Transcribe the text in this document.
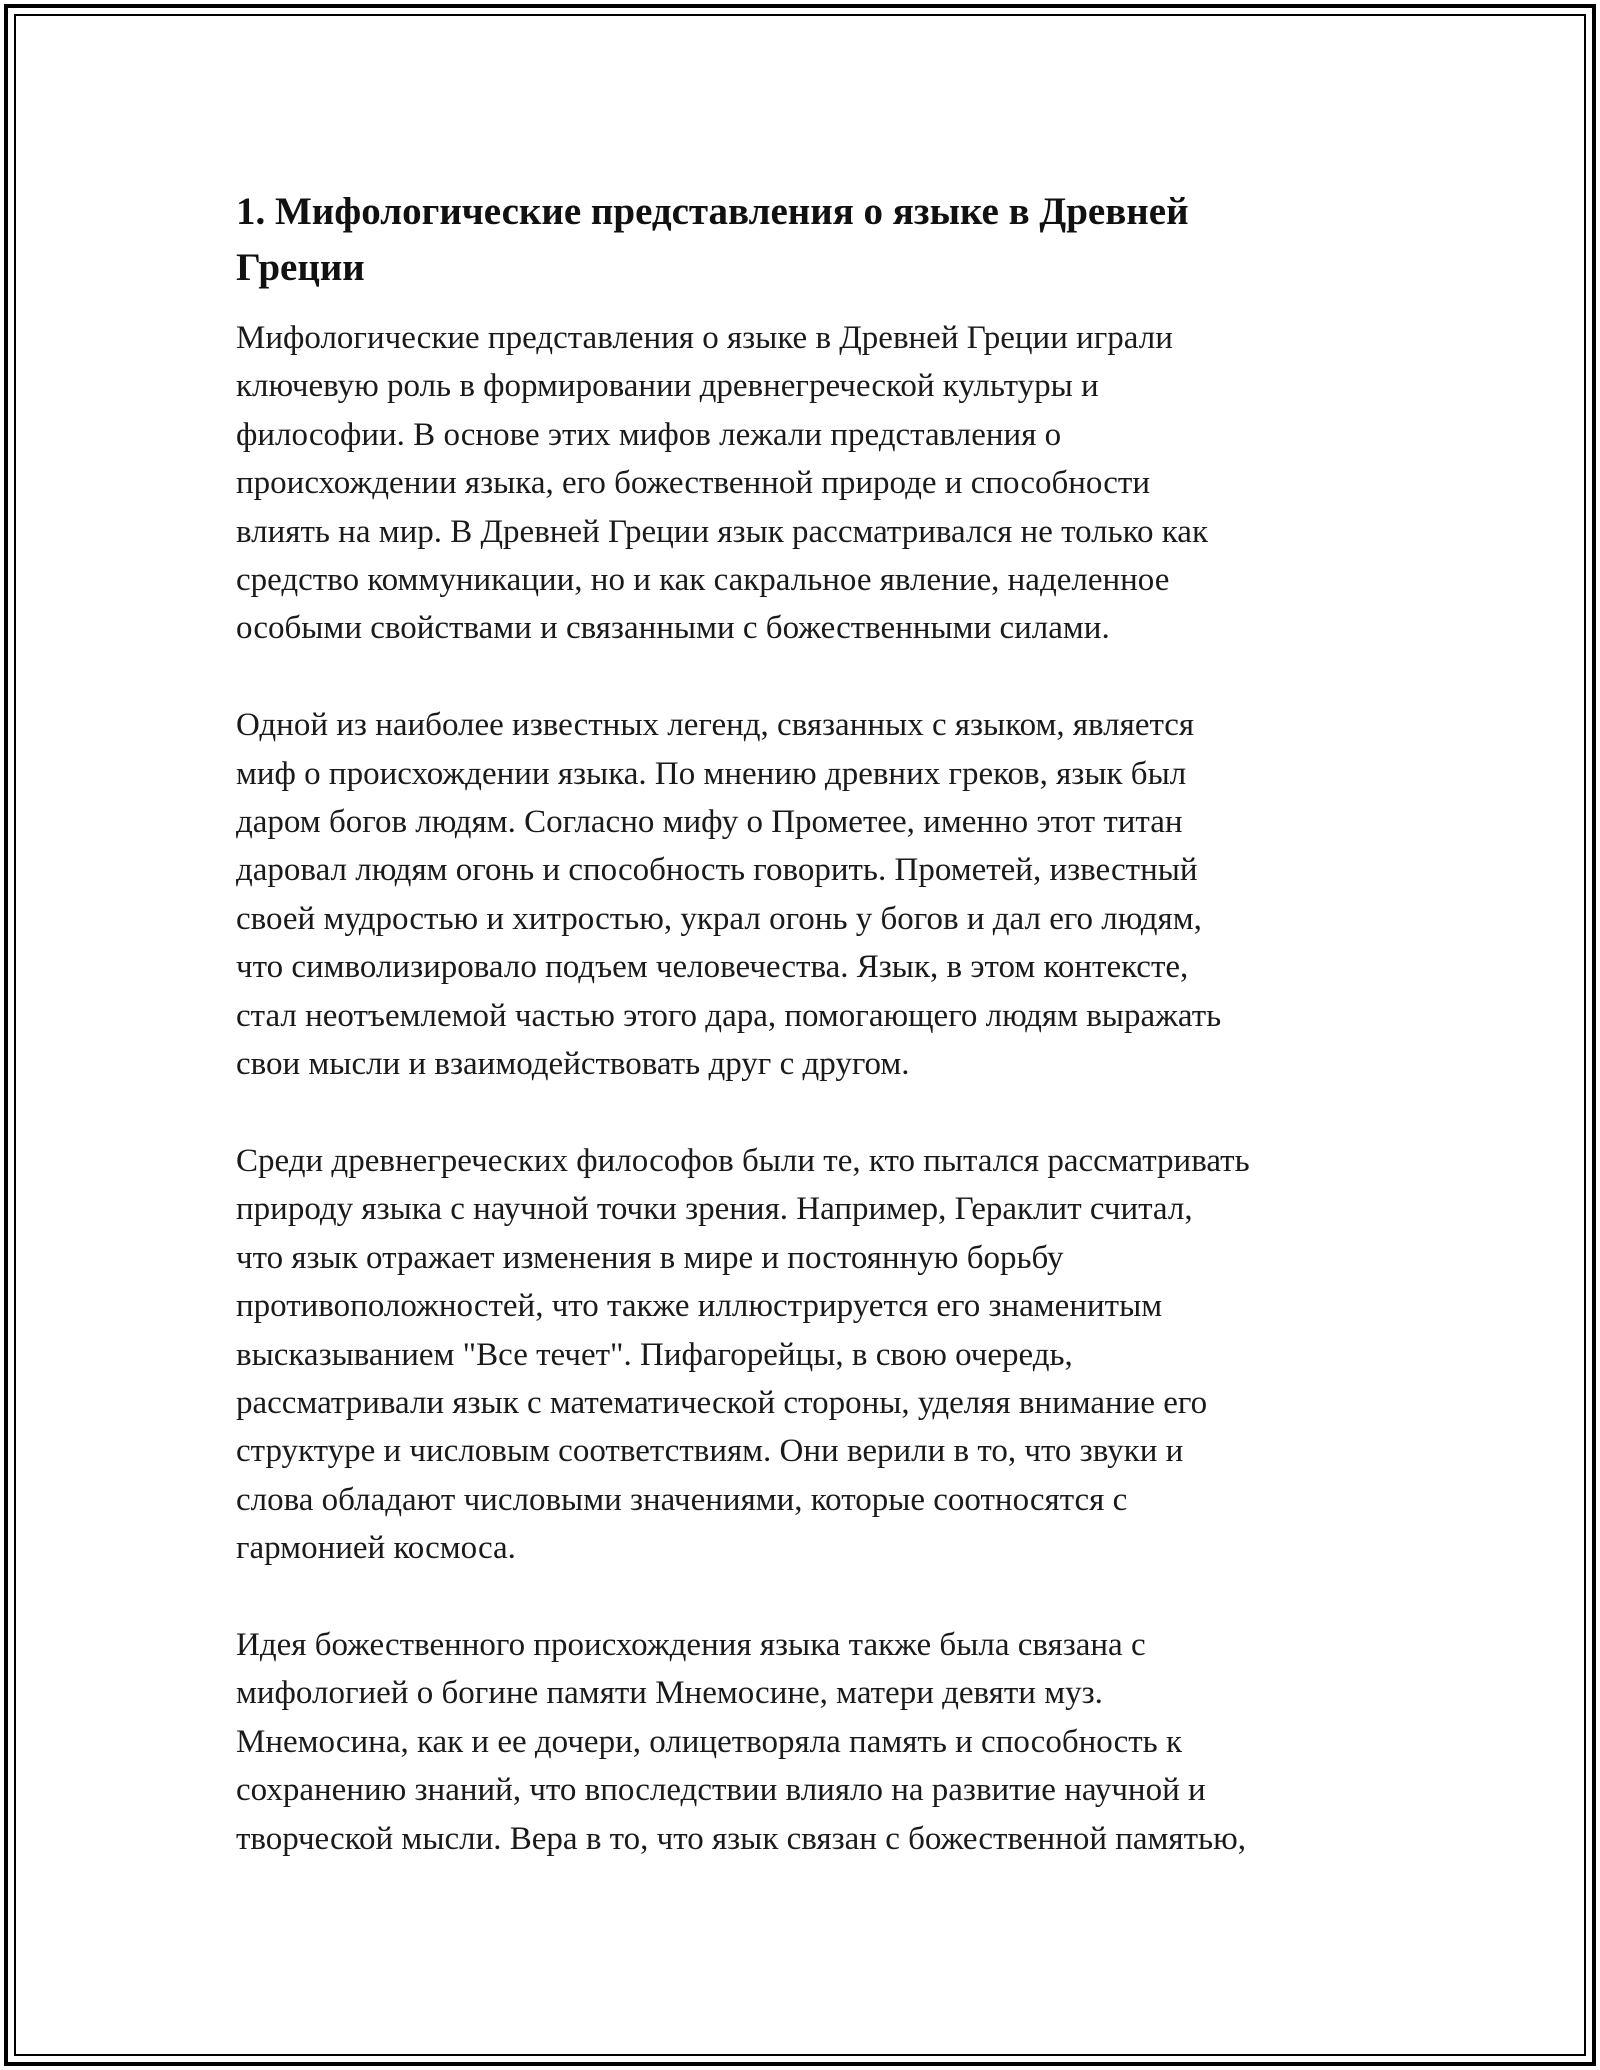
1. Мифологические представления о языке в Древней
Греции

Мифологические представления о языке в Древней Греции играли
ключевую роль в формировании древнегреческой культуры и
философии. В основе этих мифов лежали представления о
происхождении языка, его божественной природе и способности
влиять на мир. В Древней Греции язык рассматривался не только как
средство коммуникации, но и как сакральное явление, наделенное
особыми свойствами и связанными с божественными силами.

Одной из наиболее известных легенд, связанных с языком, является
миф о происхождении языка. По мнению древних греков, язык был
даром богов людям. Согласно мифу о Прометее, именно этот титан
даровал людям огонь и способность говорить. Прометей, известный
своей мудростью и хитростью, украл огонь у богов и дал его людям,
что символизировало подъем человечества. Язык, в этом контексте,
стал неотъемлемой частью этого дара, помогающего людям выражать
свои мысли и взаимодействовать друг с другом.

Среди древнегреческих философов были те, кто пытался рассматривать
природу языка с научной точки зрения. Например, Гераклит считал,
что язык отражает изменения в мире и постоянную борьбу
противоположностей, что также иллюстрируется его знаменитым
высказыванием "Все течет". Пифагорейцы, в свою очередь,
рассматривали язык с математической стороны, уделяя внимание его
структуре и числовым соответствиям. Они верили в то, что звуки и
слова обладают числовыми значениями, которые соотносятся с
гармонией космоса.

Идея божественного происхождения языка также была связана с
мифологией о богине памяти Мнемосине, матери девяти муз.
Мнемосина, как и ее дочери, олицетворяла память и способность к
сохранению знаний, что впоследствии влияло на развитие научной и
творческой мысли. Вера в то, что язык связан с божественной памятью,
